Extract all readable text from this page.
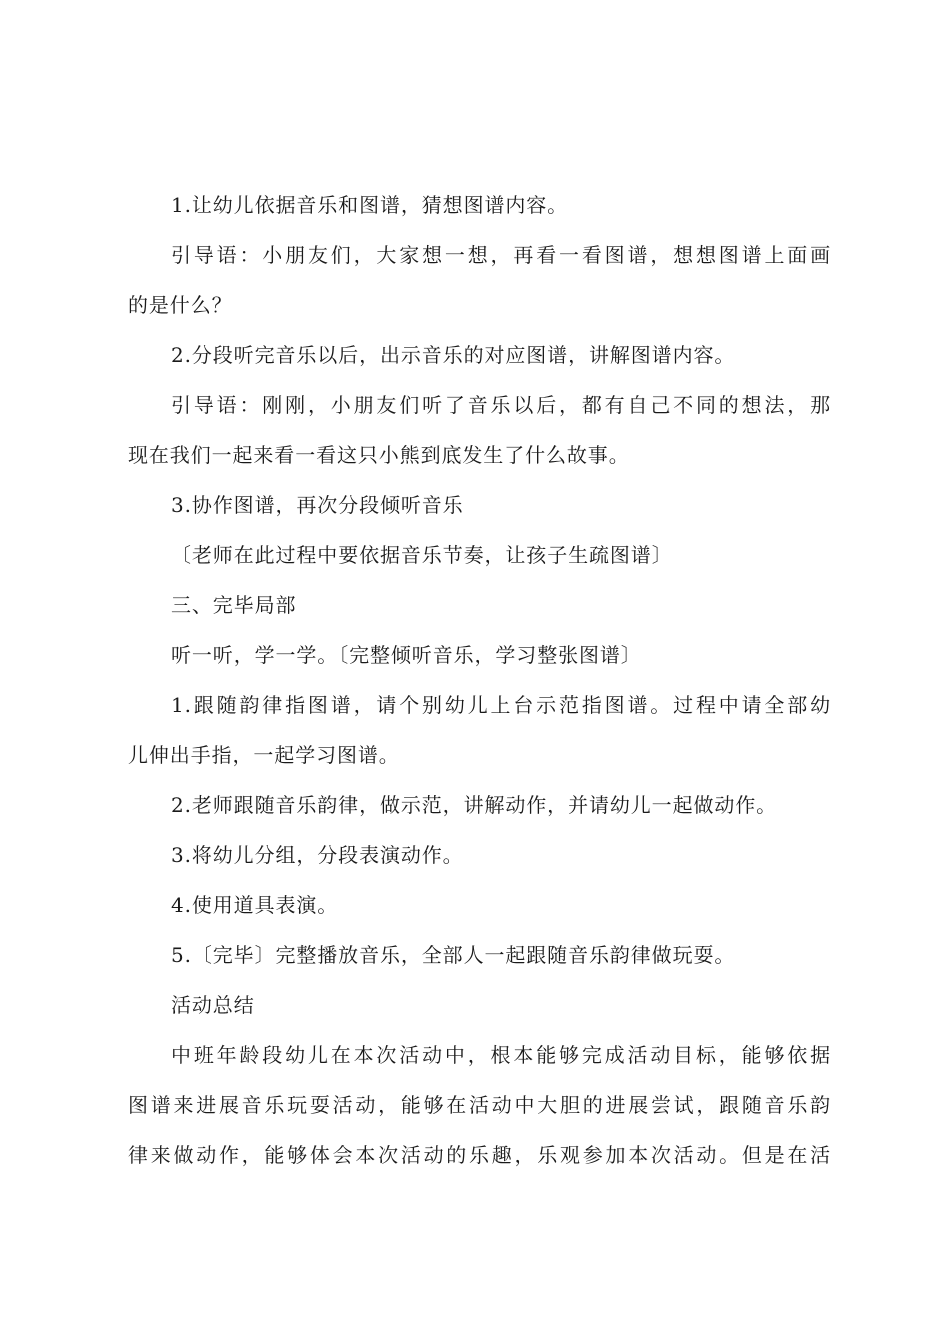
1.让幼儿依据音乐和图谱，猜想图谱内容。
引导语：小朋友们，大家想一想，再看一看图谱，想想图谱上面画
的是什么？
2.分段听完音乐以后，出示音乐的对应图谱，讲解图谱内容。
引导语：刚刚，小朋友们听了音乐以后，都有自己不同的想法，那
现在我们一起来看一看这只小熊到底发生了什么故事。
3.协作图谱，再次分段倾听音乐
〔老师在此过程中要依据音乐节奏，让孩子生疏图谱〕
三、完毕局部
听一听，学一学。〔完整倾听音乐，学习整张图谱〕
1.跟随韵律指图谱，请个别幼儿上台示范指图谱。过程中请全部幼
儿伸出手指，一起学习图谱。
2.老师跟随音乐韵律，做示范，讲解动作，并请幼儿一起做动作。
3.将幼儿分组，分段表演动作。
4.使用道具表演。
5.〔完毕〕完整播放音乐，全部人一起跟随音乐韵律做玩耍。
活动总结
中班年龄段幼儿在本次活动中，根本能够完成活动目标，能够依据
图谱来进展音乐玩耍活动，能够在活动中大胆的进展尝试，跟随音乐韵
律来做动作，能够体会本次活动的乐趣，乐观参加本次活动。但是在活
